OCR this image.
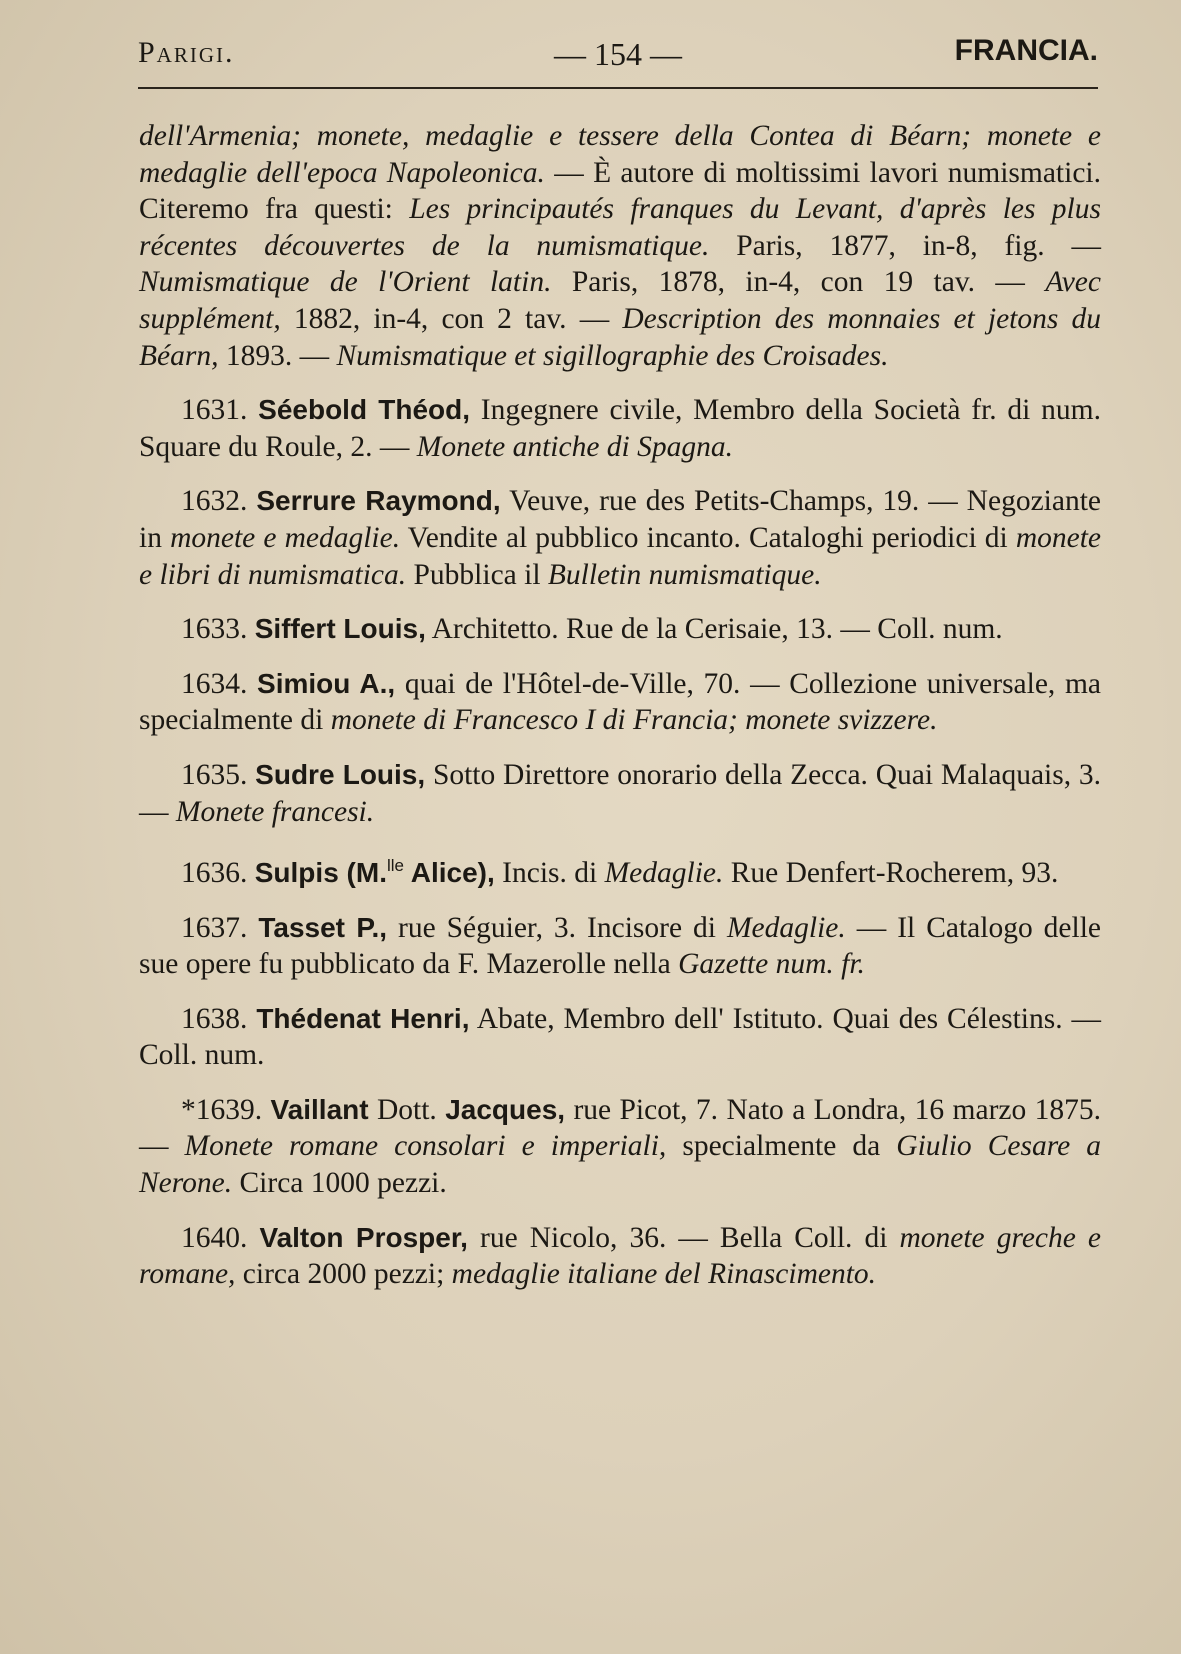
Parigi.	— 154 —	FRANCIA.

dell'Armenia; monete, medaglie e tessere della Contea di Béarn; monete e medaglie dell'epoca Napoleonica. — È autore di moltissimi lavori numismatici. Citeremo fra questi: Les principautés franques du Levant, d'après les plus récentes découvertes de la numismatique. Paris, 1877, in-8, fig. — Numismatique de l'Orient latin. Paris, 1878, in-4, con 19 tav. — Avec supplément, 1882, in-4, con 2 tav. — Description des monnaies et jetons du Béarn, 1893. — Numismatique et sigillographie des Croisades.

1631. Séebold Théod, Ingegnere civile, Membro della Società fr. di num. Square du Roule, 2. — Monete antiche di Spagna.

1632. Serrure Raymond, Veuve, rue des Petits-Champs, 19. — Negoziante in monete e medaglie. Vendite al pubblico incanto. Cataloghi periodici di monete e libri di numismatica. Pubblica il Bulletin numismatique.

1633. Siffert Louis, Architetto. Rue de la Cerisaie, 13. — Coll. num.

1634. Simiou A., quai de l'Hôtel-de-Ville, 70. — Collezione universale, ma specialmente di monete di Francesco I di Francia; monete svizzere.

1635. Sudre Louis, Sotto Direttore onorario della Zecca. Quai Malaquais, 3. — Monete francesi.

1636. Sulpis (M.$^{lle}$ Alice), Incis. di Medaglie. Rue Denfert-Rocherem, 93.

1637. Tasset P., rue Séguier, 3. Incisore di Medaglie. — Il Catalogo delle sue opere fu pubblicato da F. Mazerolle nella Gazette num. fr.

1638. Thédenat Henri, Abate, Membro dell' Istituto. Quai des Célestins. — Coll. num.

*1639. Vaillant Dott. Jacques, rue Picot, 7. Nato a Londra, 16 marzo 1875. — Monete romane consolari e imperiali, specialmente da Giulio Cesare a Nerone. Circa 1000 pezzi.

1640. Valton Prosper, rue Nicolo, 36. — Bella Coll. di monete greche e romane, circa 2000 pezzi; medaglie italiane del Rinascimento.
